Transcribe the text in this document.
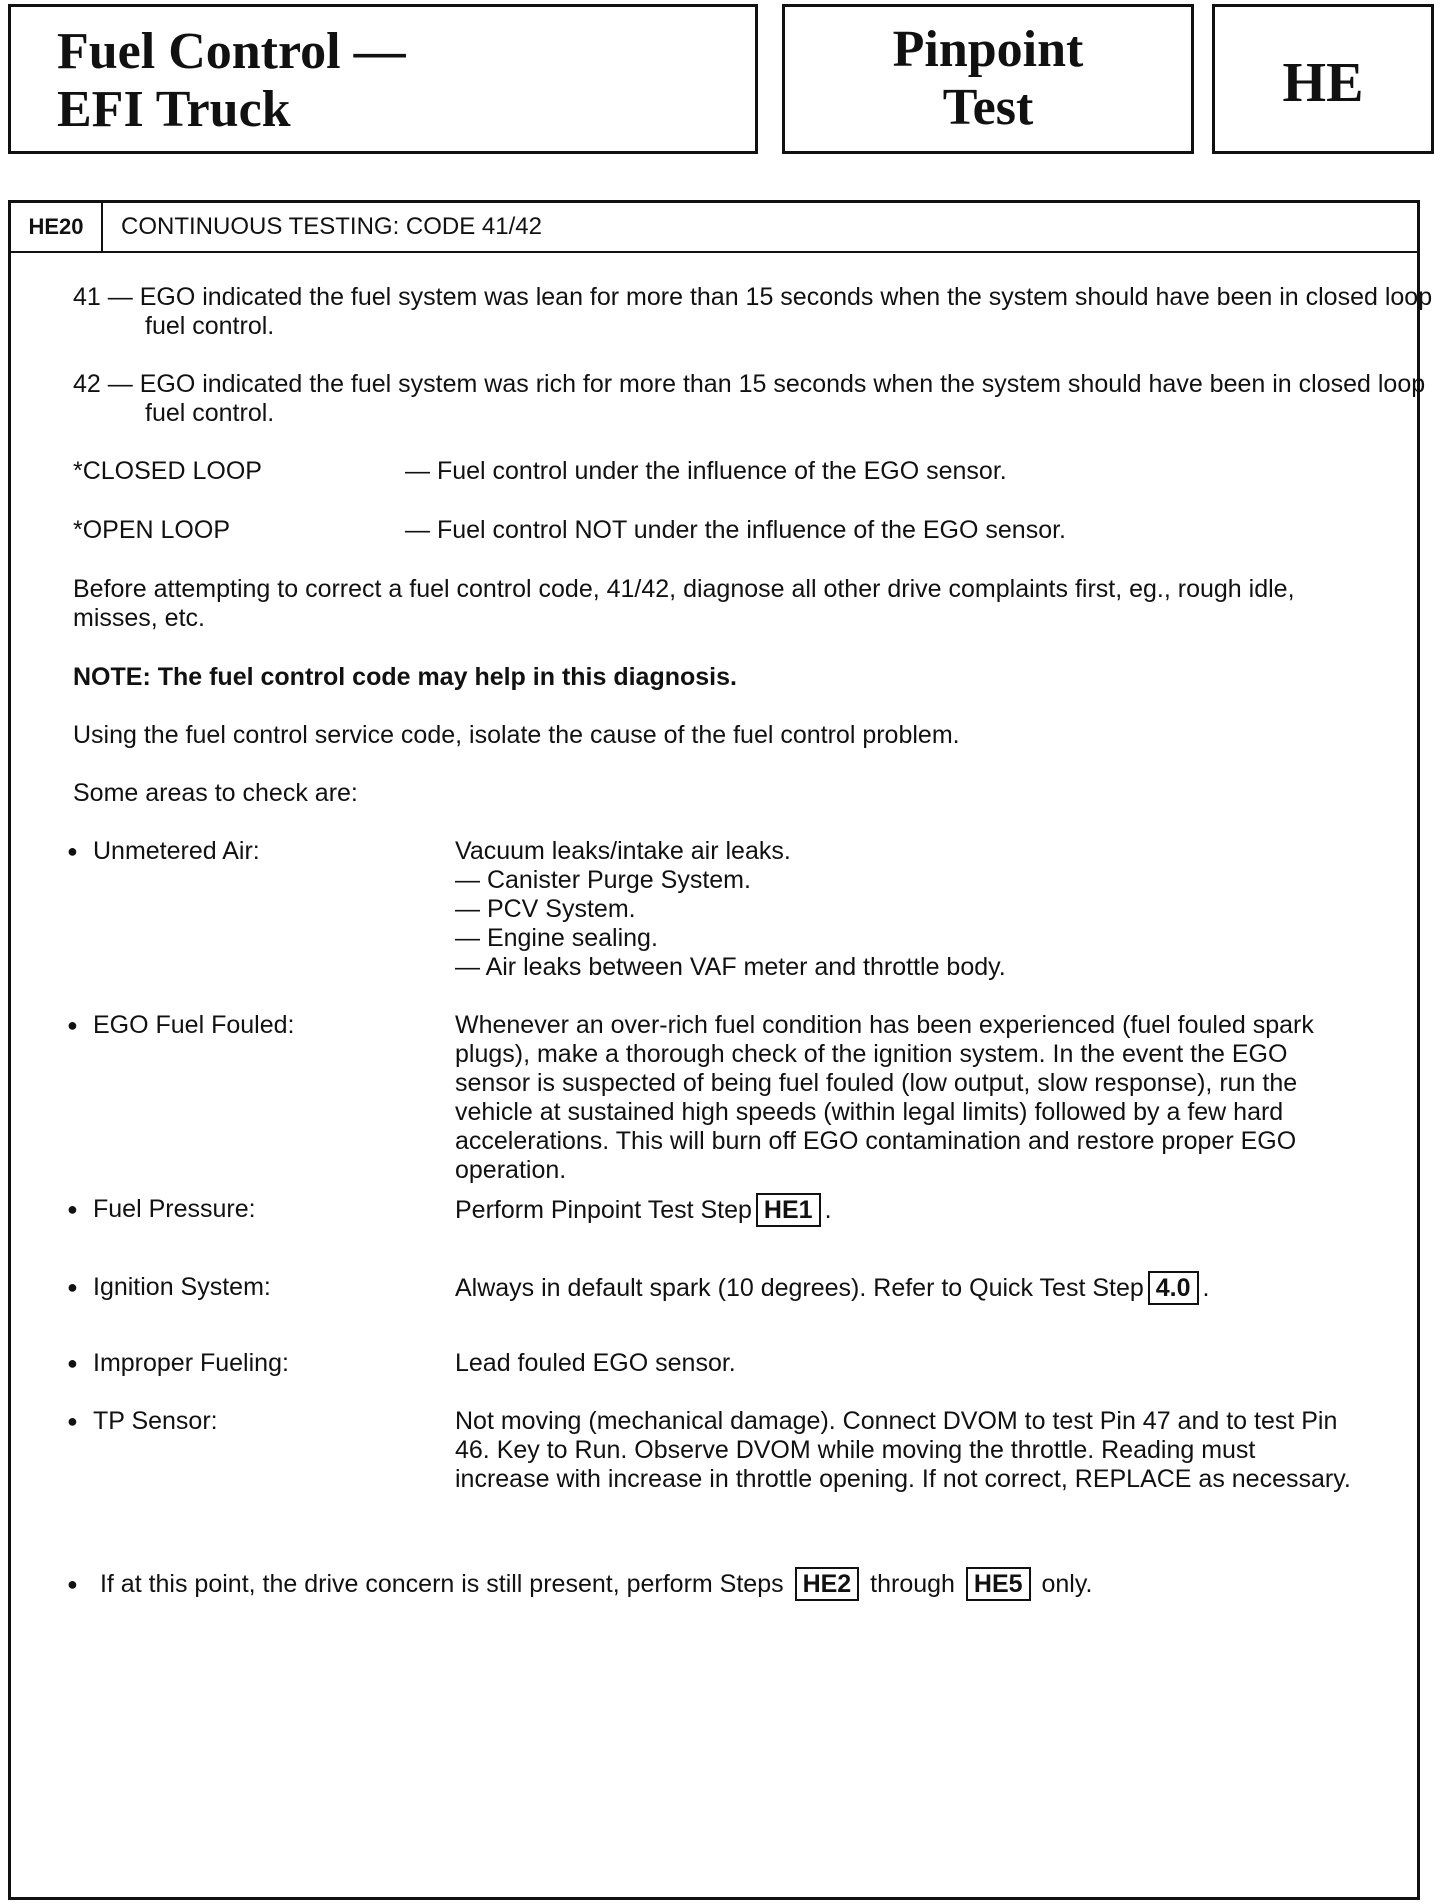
Fuel Control —
EFI Truck
Pinpoint
Test	HE
HE20	CONTINUOUS TESTING: CODE 41/42
41 — EGO indicated the fuel system was lean for more than 15 seconds when the system should have been in closed loop fuel control.
42 — EGO indicated the fuel system was rich for more than 15 seconds when the system should have been in closed loop fuel control.
*CLOSED LOOP	— Fuel control under the influence of the EGO sensor.
*OPEN LOOP	— Fuel control NOT under the influence of the EGO sensor.
Before attempting to correct a fuel control code, 41/42, diagnose all other drive complaints first, eg., rough idle, misses, etc.
NOTE: The fuel control code may help in this diagnosis.
Using the fuel control service code, isolate the cause of the fuel control problem.
Some areas to check are:
● Unmetered Air:	Vacuum leaks/intake air leaks.
— Canister Purge System.
— PCV System.
— Engine sealing.
— Air leaks between VAF meter and throttle body.
● EGO Fuel Fouled:	Whenever an over-rich fuel condition has been experienced (fuel fouled spark plugs), make a thorough check of the ignition system. In the event the EGO sensor is suspected of being fuel fouled (low output, slow response), run the vehicle at sustained high speeds (within legal limits) followed by a few hard accelerations. This will burn off EGO contamination and restore proper EGO operation.
● Fuel Pressure:	Perform Pinpoint Test Step HE1 .
● Ignition System:	Always in default spark (10 degrees). Refer to Quick Test Step 4.0 .
● Improper Fueling:	Lead fouled EGO sensor.
● TP Sensor:	Not moving (mechanical damage). Connect DVOM to test Pin 47 and to test Pin 46. Key to Run. Observe DVOM while moving the throttle. Reading must increase with increase in throttle opening. If not correct, REPLACE as necessary.
● If at this point, the drive concern is still present, perform Steps HE2 through HE5 only.
